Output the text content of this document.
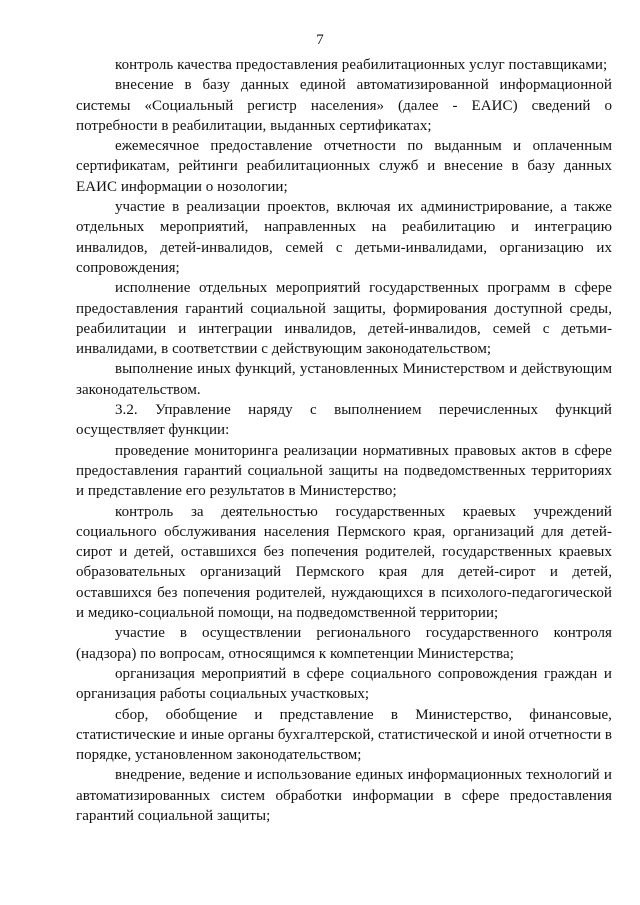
7

контроль качества предоставления реабилитационных услуг поставщиками;

внесение в базу данных единой автоматизированной информационной системы «Социальный регистр населения» (далее - ЕАИС) сведений о потребности в реабилитации, выданных сертификатах;

ежемесячное предоставление отчетности по выданным и оплаченным сертификатам, рейтинги реабилитационных служб и внесение в базу данных ЕАИС информации о нозологии;

участие в реализации проектов, включая их администрирование, а также отдельных мероприятий, направленных на реабилитацию и интеграцию инвалидов, детей-инвалидов, семей с детьми-инвалидами, организацию их сопровождения;

исполнение отдельных мероприятий государственных программ в сфере предоставления гарантий социальной защиты, формирования доступной среды, реабилитации и интеграции инвалидов, детей-инвалидов, семей с детьми-инвалидами, в соответствии с действующим законодательством;

выполнение иных функций, установленных Министерством и действующим законодательством.

3.2. Управление наряду с выполнением перечисленных функций осуществляет функции:

проведение мониторинга реализации нормативных правовых актов в сфере предоставления гарантий социальной защиты на подведомственных территориях и представление его результатов в Министерство;

контроль за деятельностью государственных краевых учреждений социального обслуживания населения Пермского края, организаций для детей-сирот и детей, оставшихся без попечения родителей, государственных краевых образовательных организаций Пермского края для детей-сирот и детей, оставшихся без попечения родителей, нуждающихся в психолого-педагогической и медико-социальной помощи, на подведомственной территории;

участие в осуществлении регионального государственного контроля (надзора) по вопросам, относящимся к компетенции Министерства;

организация мероприятий в сфере социального сопровождения граждан и организация работы социальных участковых;

сбор, обобщение и представление в Министерство, финансовые, статистические и иные органы бухгалтерской, статистической и иной отчетности в порядке, установленном законодательством;

внедрение, ведение и использование единых информационных технологий и автоматизированных систем обработки информации в сфере предоставления гарантий социальной защиты;
